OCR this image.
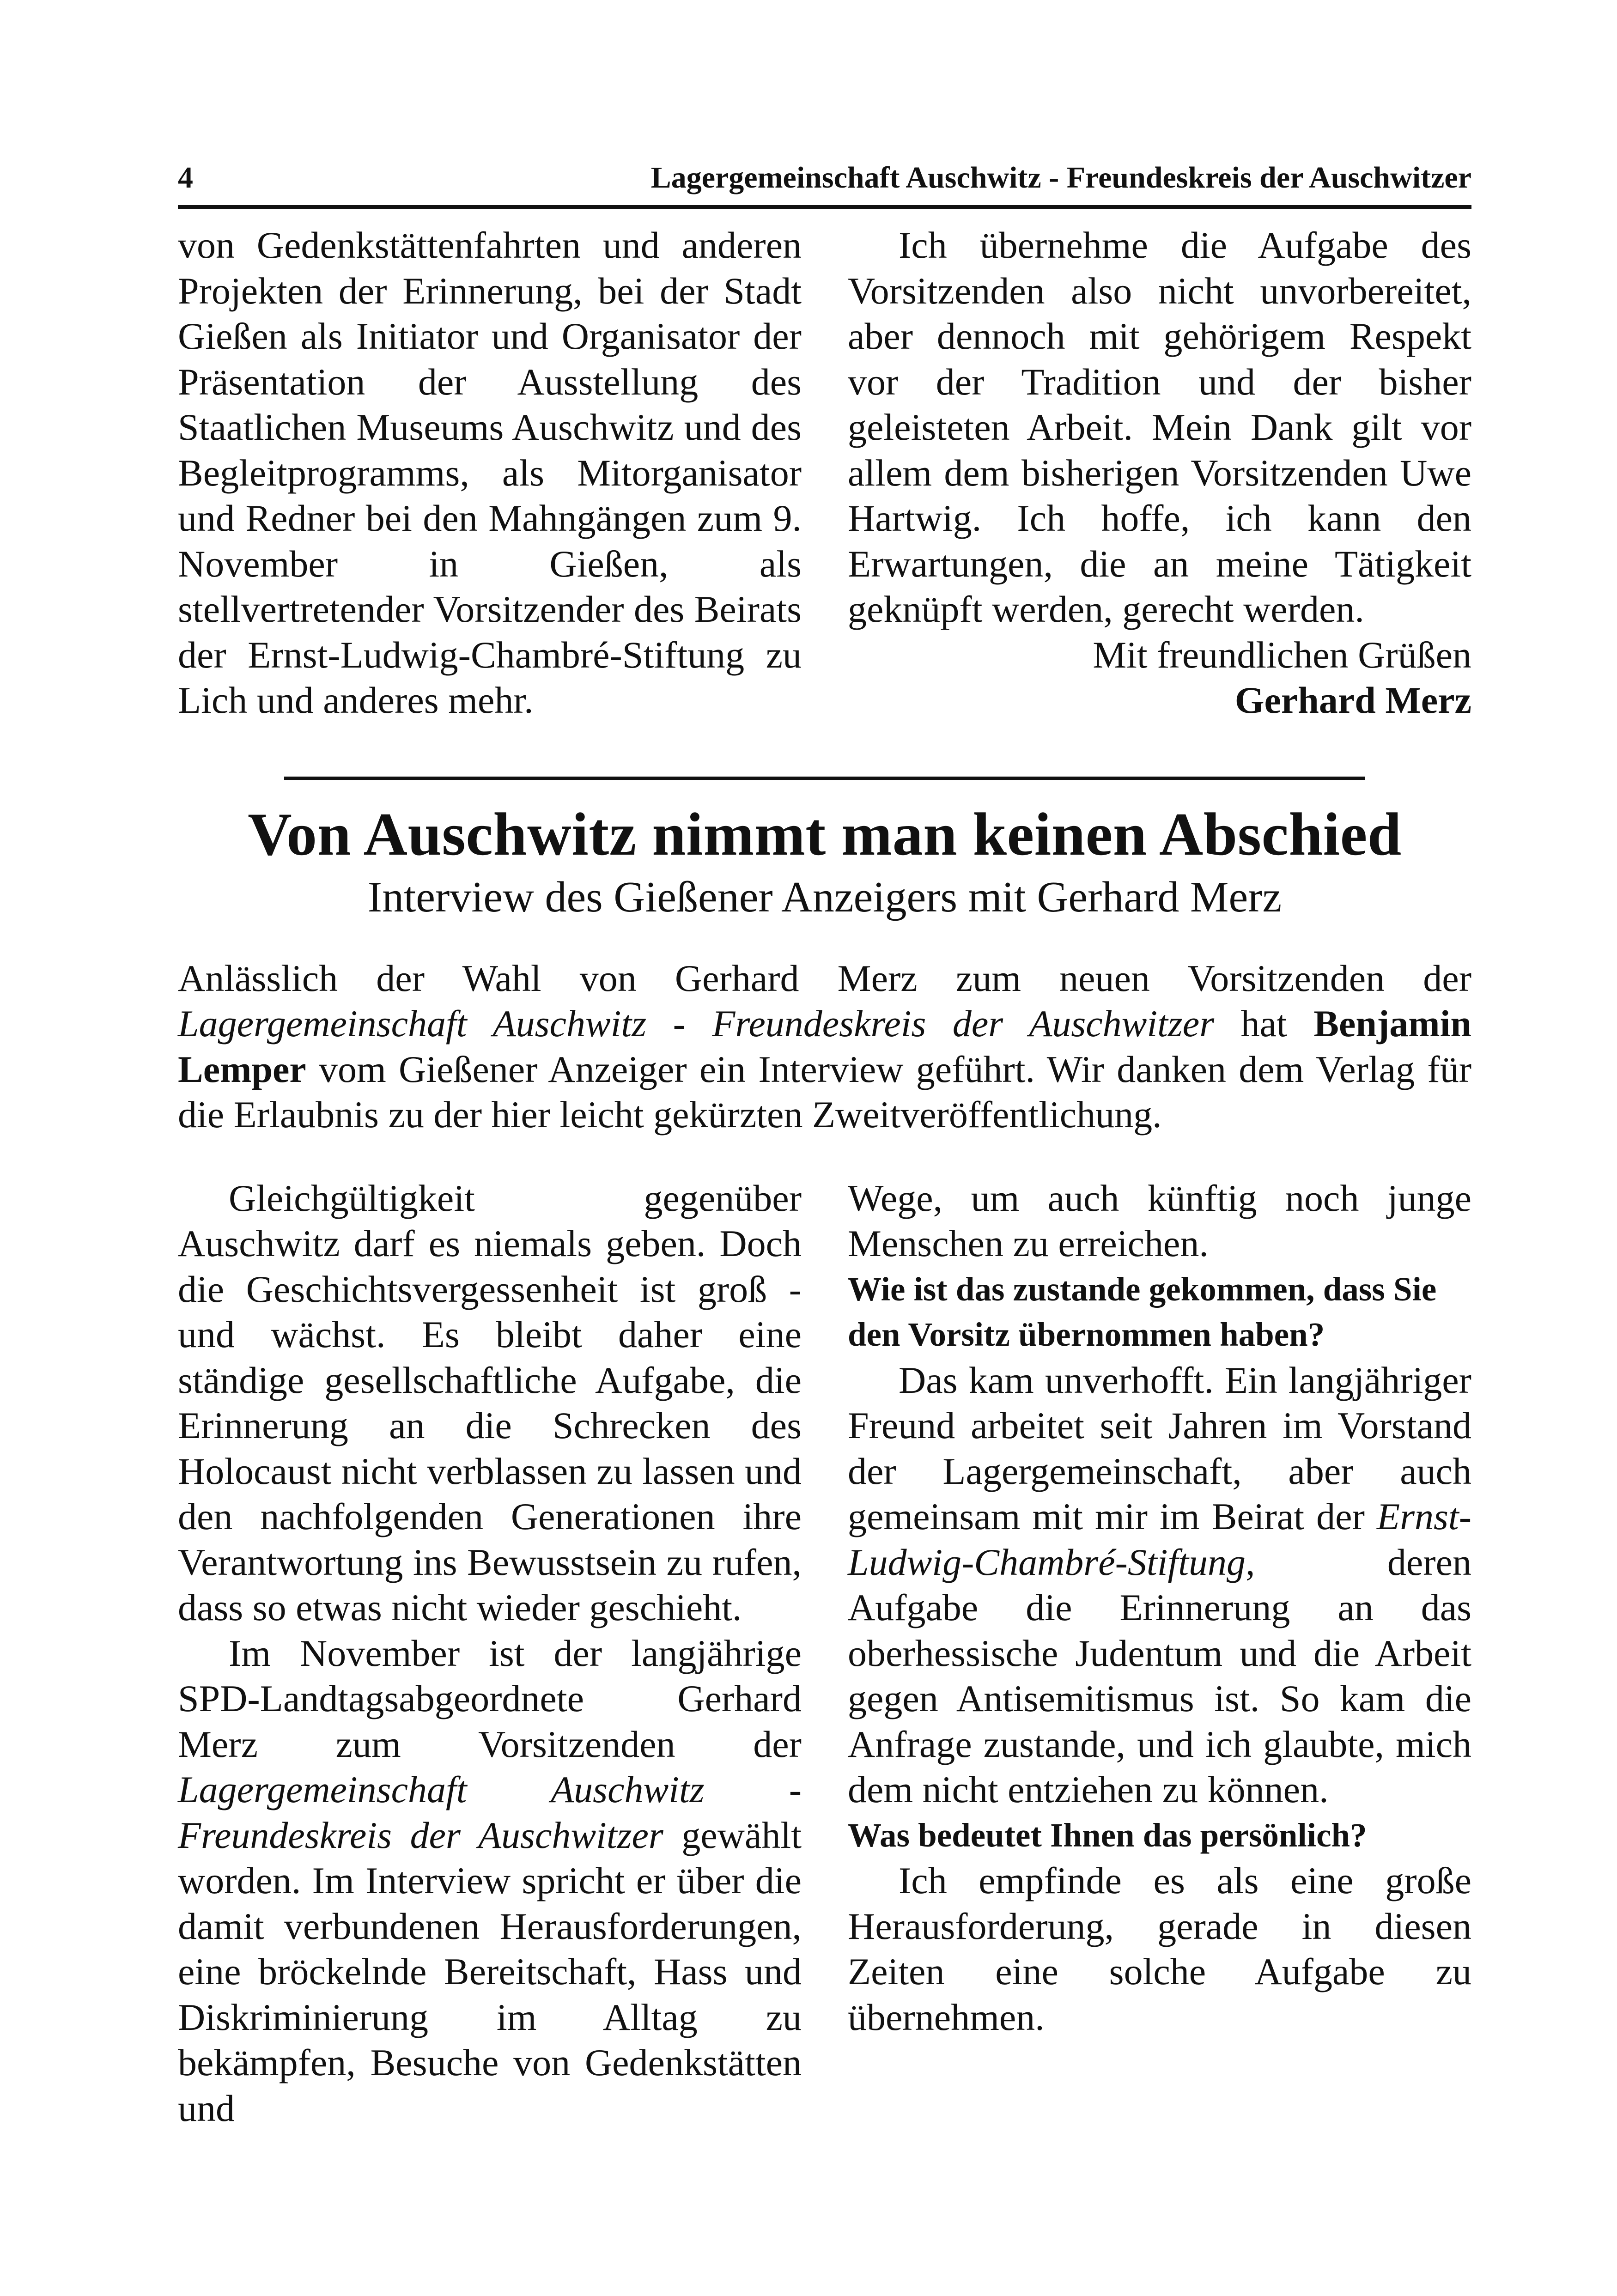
4	Lagergemeinschaft Auschwitz - Freundeskreis der Auschwitzer

von Gedenkstättenfahrten und anderen Projekten der Erinnerung, bei der Stadt Gießen als Initiator und Organisator der Präsentation der Ausstellung des Staatlichen Museums Auschwitz und des Begleitprogramms, als Mitorganisator und Redner bei den Mahngängen zum 9. November in Gießen, als stellvertretender Vorsitzender des Beirats der Ernst-Ludwig-Chambré-Stiftung zu Lich und anderes mehr.

Ich übernehme die Aufgabe des Vorsitzenden also nicht unvorbereitet, aber dennoch mit gehörigem Respekt vor der Tradition und der bisher geleisteten Arbeit. Mein Dank gilt vor allem dem bisherigen Vorsitzenden Uwe Hartwig. Ich hoffe, ich kann den Erwartungen, die an meine Tätigkeit geknüpft werden, gerecht werden.

Mit freundlichen Grüßen

Gerhard Merz

Von Auschwitz nimmt man keinen Abschied
Interview des Gießener Anzeigers mit Gerhard Merz

Anlässlich der Wahl von Gerhard Merz zum neuen Vorsitzenden der Lagergemeinschaft Auschwitz - Freundeskreis der Auschwitzer hat Benjamin Lemper vom Gießener Anzeiger ein Interview geführt. Wir danken dem Verlag für die Erlaubnis zu der hier leicht gekürzten Zweitveröffentlichung.

Gleichgültigkeit gegenüber Auschwitz darf es niemals geben. Doch die Geschichtsvergessenheit ist groß - und wächst. Es bleibt daher eine ständige gesellschaftliche Aufgabe, die Erinnerung an die Schrecken des Holocaust nicht verblassen zu lassen und den nachfolgenden Generationen ihre Verantwortung ins Bewusstsein zu rufen, dass so etwas nicht wieder geschieht.

Im November ist der langjährige SPD-Landtagsabgeordnete Gerhard Merz zum Vorsitzenden der Lagergemeinschaft Auschwitz - Freundeskreis der Auschwitzer gewählt worden. Im Interview spricht er über die damit verbundenen Herausforderungen, eine bröckelnde Bereitschaft, Hass und Diskriminierung im Alltag zu bekämpfen, Besuche von Gedenkstätten und

Wege, um auch künftig noch junge Menschen zu erreichen.

Wie ist das zustande gekommen, dass Sie den Vorsitz übernommen haben?

Das kam unverhofft. Ein langjähriger Freund arbeitet seit Jahren im Vorstand der Lagergemeinschaft, aber auch gemeinsam mit mir im Beirat der Ernst-Ludwig-Chambré-Stiftung, deren Aufgabe die Erinnerung an das oberhessische Judentum und die Arbeit gegen Antisemitismus ist. So kam die Anfrage zustande, und ich glaubte, mich dem nicht entziehen zu können.

Was bedeutet Ihnen das persönlich?

Ich empfinde es als eine große Herausforderung, gerade in diesen Zeiten eine solche Aufgabe zu übernehmen.
